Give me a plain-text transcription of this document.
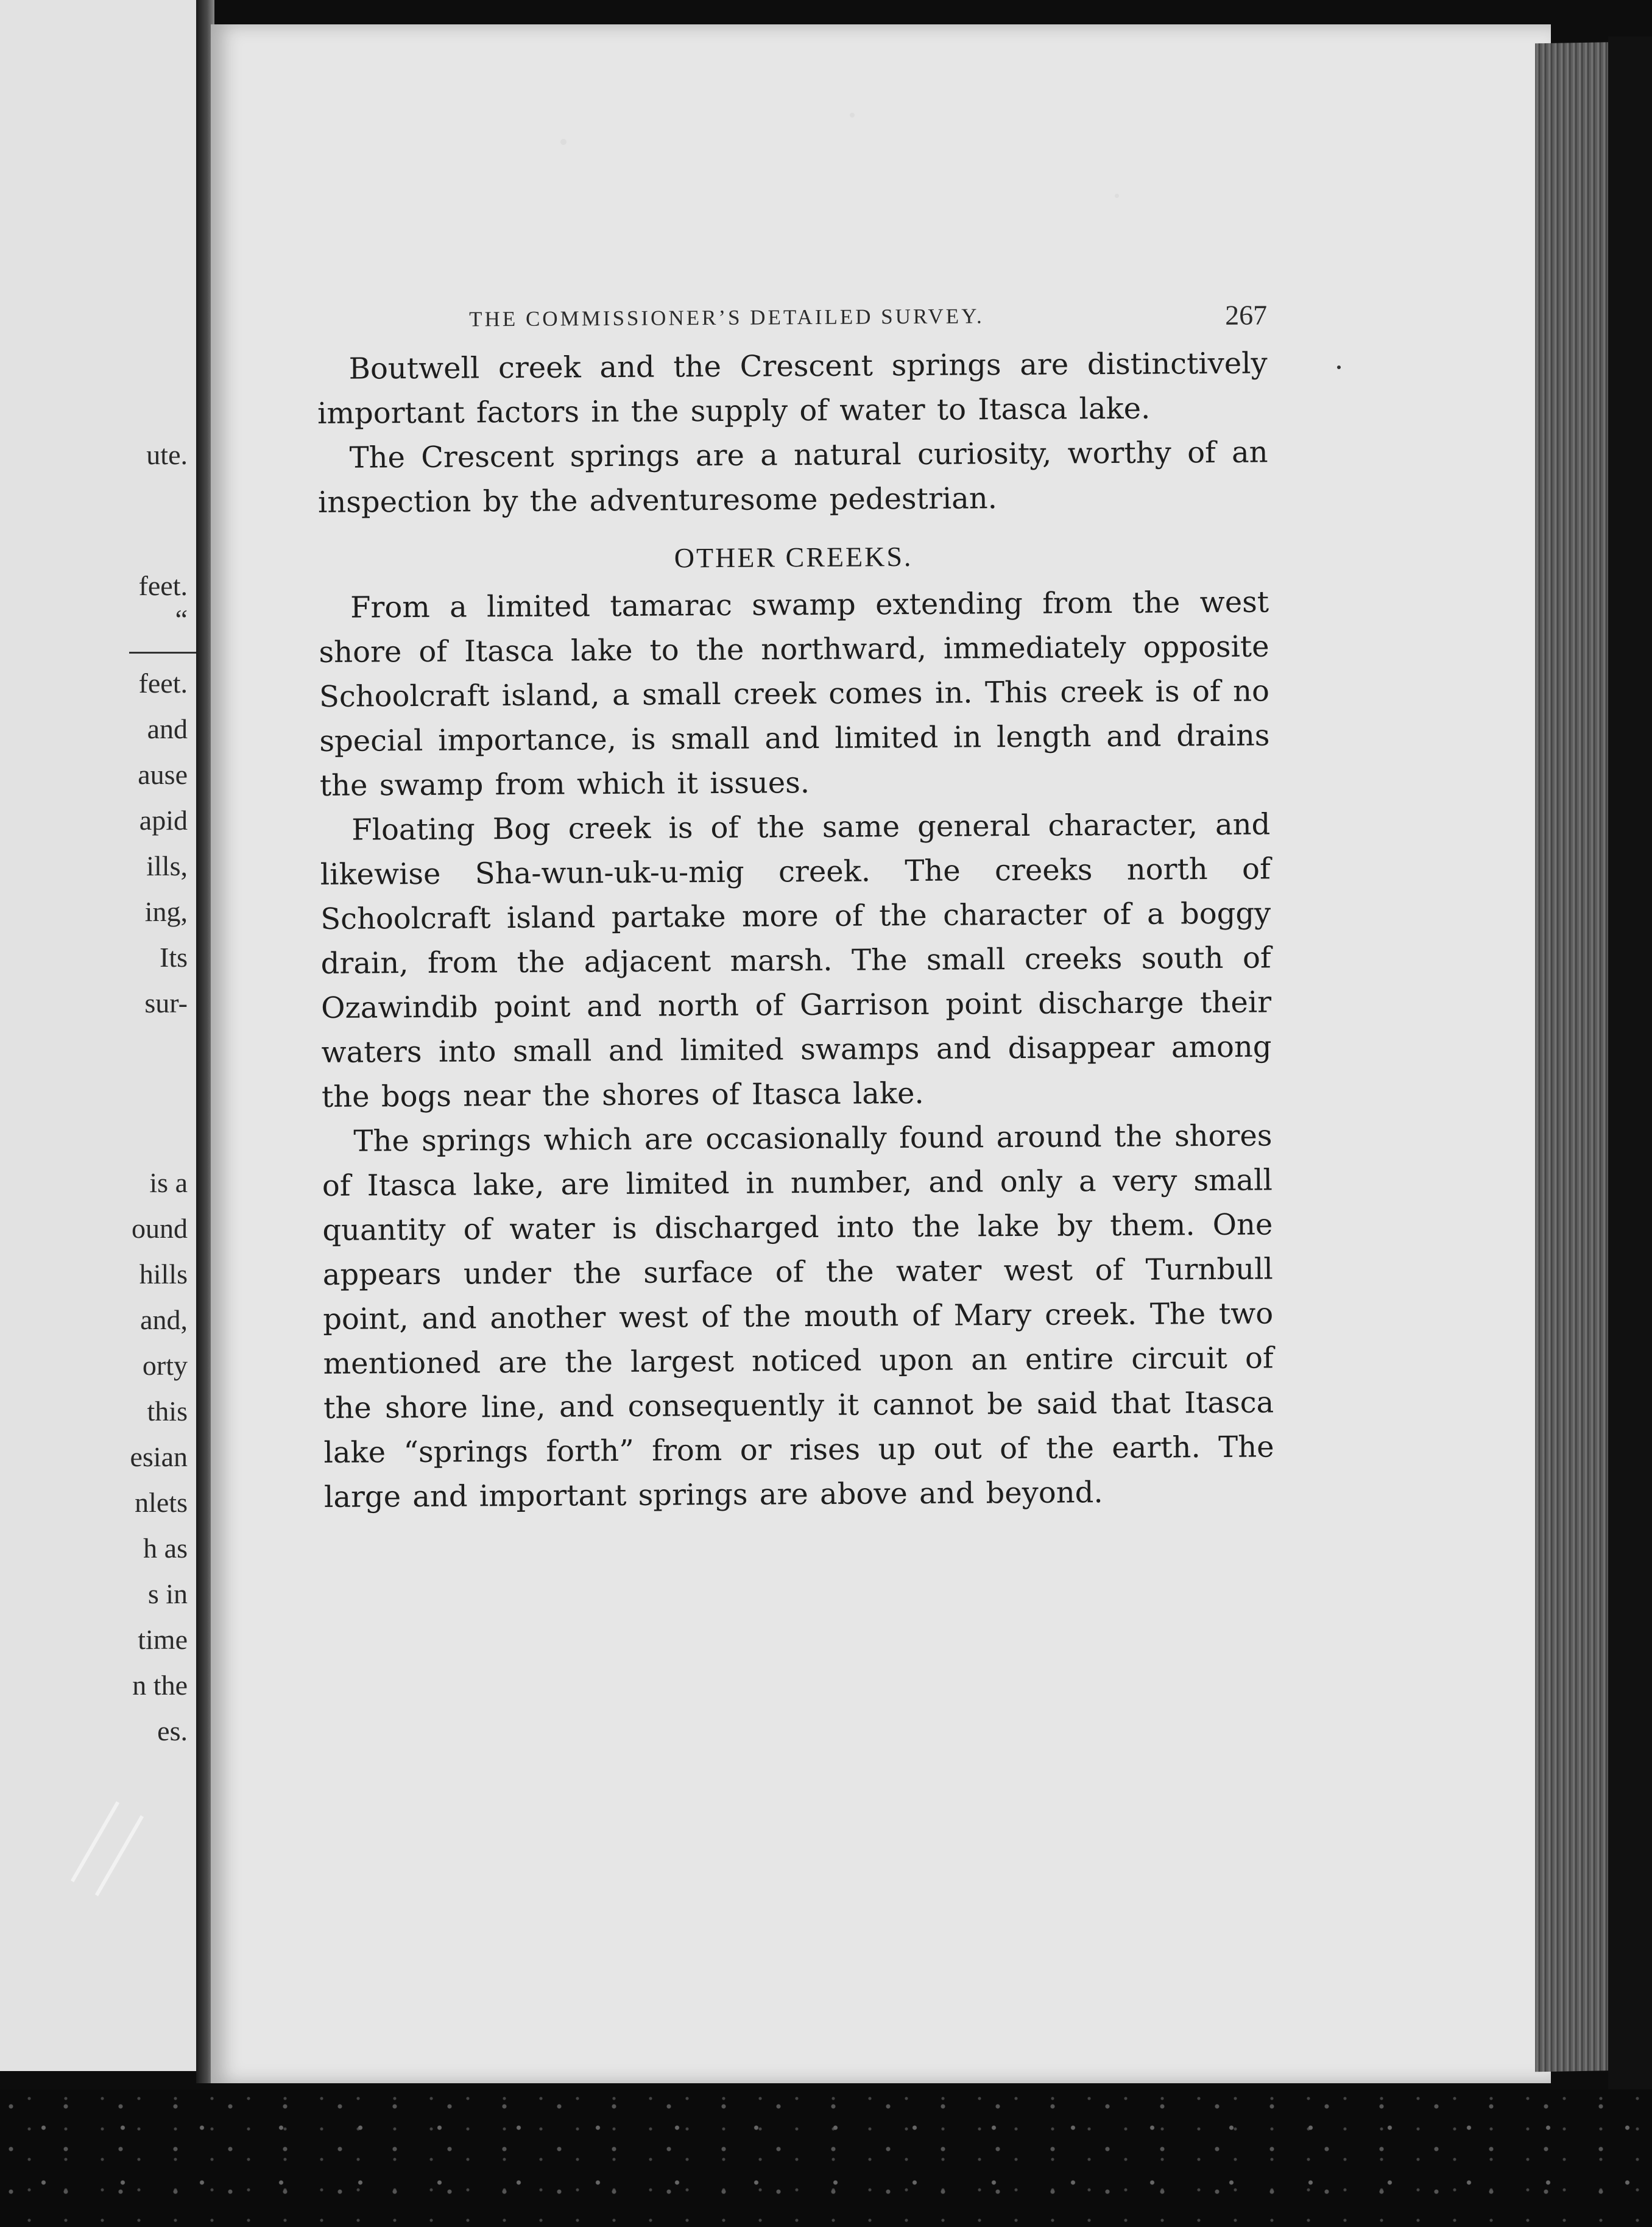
ute.
feet.
“
feet.
and
ause
apid
ills,
ing,
Its
sur-
is a
ound
hills
and,
orty
this
esian
nlets
h as
s in
time
n the
es.
THE COMMISSIONER’S DETAILED SURVEY.	267

Boutwell creek and the Crescent springs are distinctively important factors in the supply of water to Itasca lake.

The Crescent springs are a natural curiosity, worthy of an inspection by the adventuresome pedestrian.

OTHER CREEKS.

From a limited tamarac swamp extending from the west shore of Itasca lake to the northward, immediately opposite Schoolcraft island, a small creek comes in. This creek is of no special importance, is small and limited in length and drains the swamp from which it issues.

Floating Bog creek is of the same general character, and likewise Sha-wun-uk-u-mig creek. The creeks north of Schoolcraft island partake more of the character of a boggy drain, from the adjacent marsh. The small creeks south of Ozawindib point and north of Garrison point discharge their waters into small and limited swamps and disappear among the bogs near the shores of Itasca lake.

The springs which are occasionally found around the shores of Itasca lake, are limited in number, and only a very small quantity of water is discharged into the lake by them. One appears under the surface of the water west of Turnbull point, and another west of the mouth of Mary creek. The two mentioned are the largest noticed upon an entire circuit of the shore line, and consequently it cannot be said that Itasca lake “springs forth” from or rises up out of the earth. The large and important springs are above and beyond.
